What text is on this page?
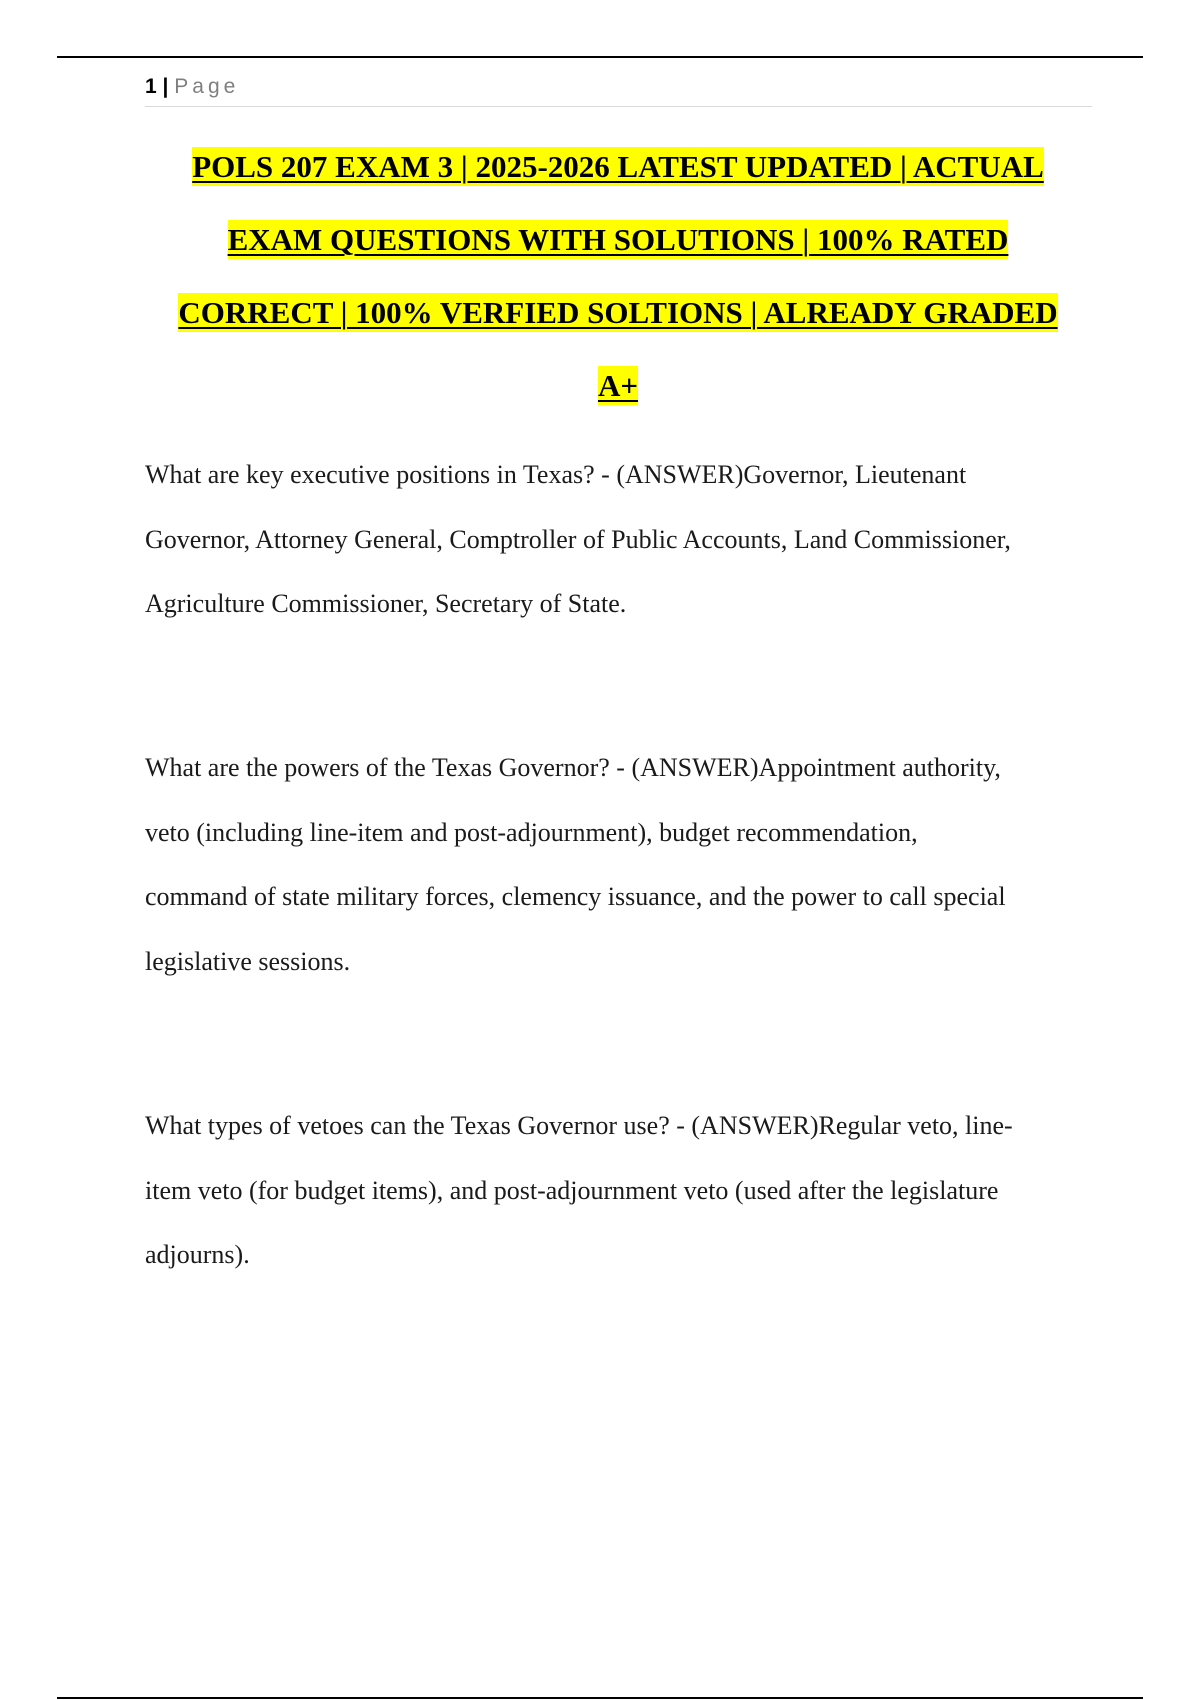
1 | Page
POLS 207 EXAM 3 | 2025-2026 LATEST UPDATED | ACTUAL
EXAM QUESTIONS WITH SOLUTIONS | 100% RATED
CORRECT | 100% VERFIED SOLTIONS | ALREADY GRADED
A+

What are key executive positions in Texas? - (ANSWER)Governor, Lieutenant
Governor, Attorney General, Comptroller of Public Accounts, Land Commissioner,
Agriculture Commissioner, Secretary of State.

What are the powers of the Texas Governor? - (ANSWER)Appointment authority,
veto (including line-item and post-adjournment), budget recommendation,
command of state military forces, clemency issuance, and the power to call special
legislative sessions.

What types of vetoes can the Texas Governor use? - (ANSWER)Regular veto, line-
item veto (for budget items), and post-adjournment veto (used after the legislature
adjourns).
